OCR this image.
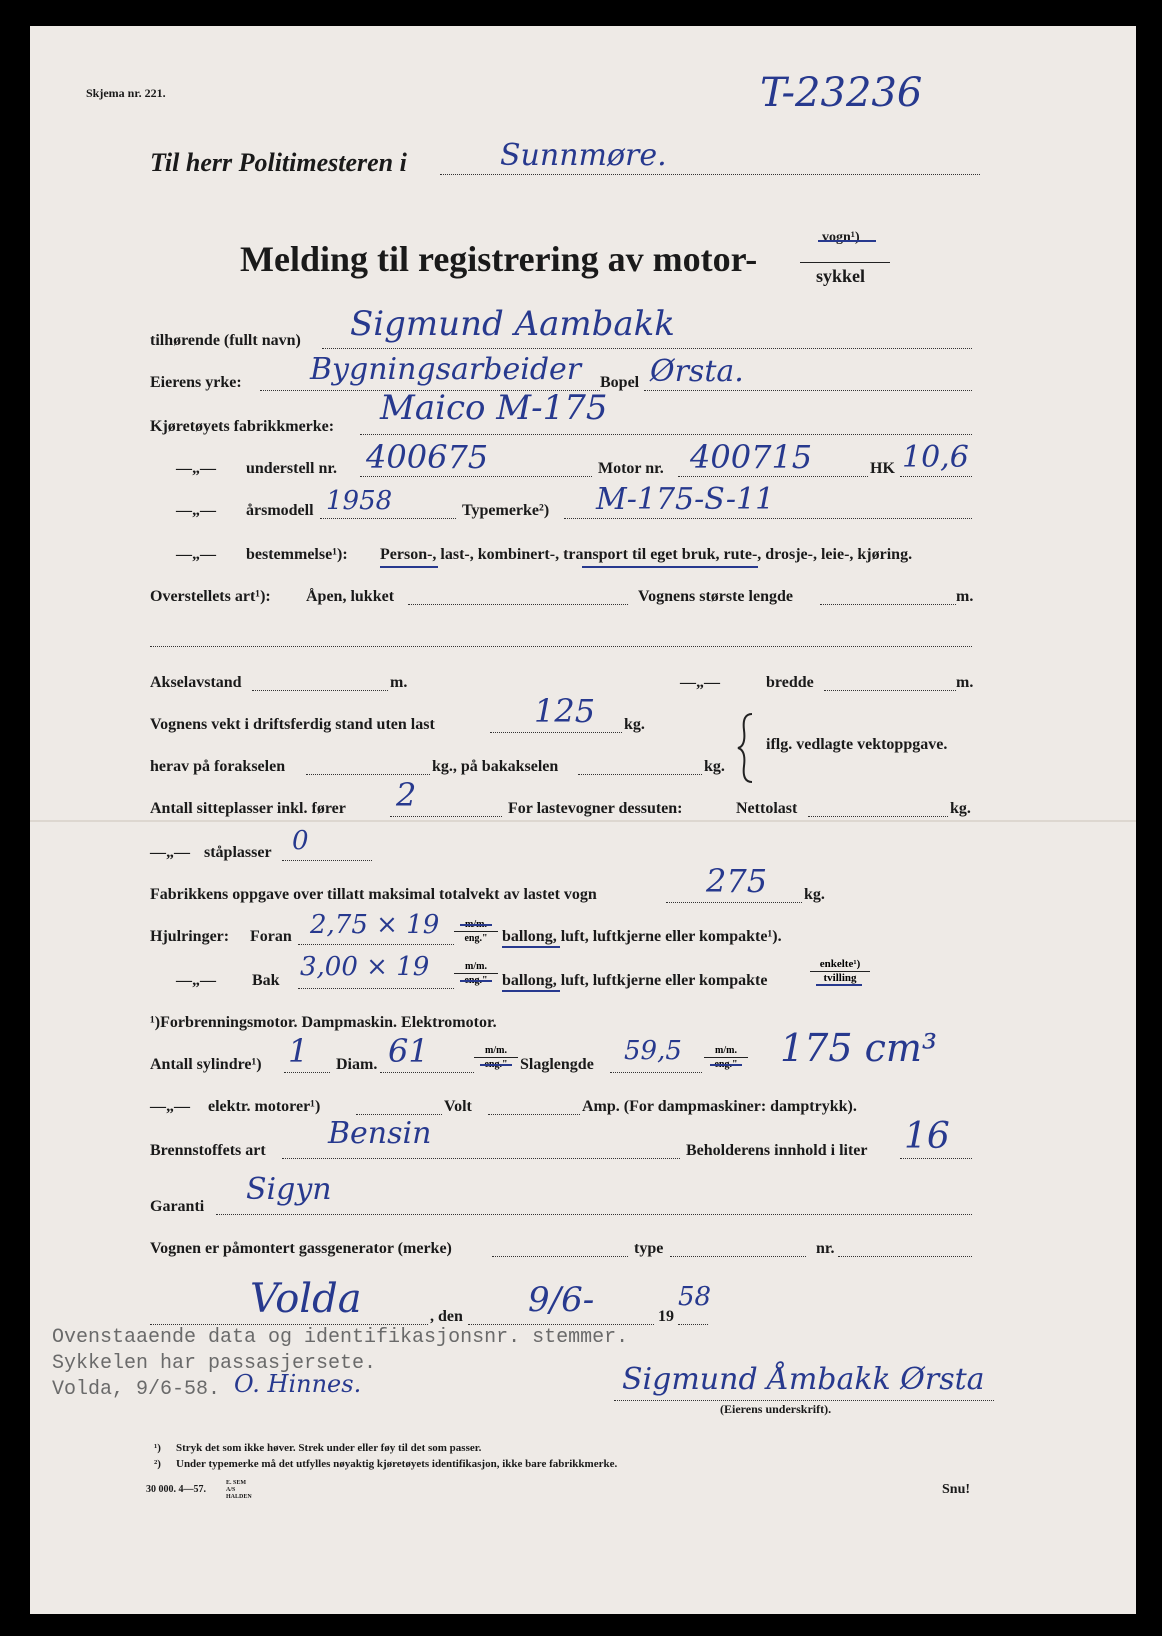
Skjema nr. 221.	T-23236
Til herr Politimesteren i	Sunnmøre.
Melding til registrering av motor-
vogn¹)
sykkel
tilhørende (fullt navn) Sigmund Aambakk
Eierens yrke: Bygningsarbeider Bopel Ørsta.
Kjøretøyets fabrikkmerke: Maico M-175
—„— understell nr. 400675	Motor nr. 400715	HK 10,6
—„— årsmodell 1958	Typemerke²) M-175-S-11
—„— bestemmelse¹): Person-, last-, kombinert-, transport til eget bruk, rute-, drosje-, leie-, kjøring.
Overstellets art¹): Åpen, lukket	Vognens største lengde	m.
Akselavstand	m.	—„—	bredde	m.
Vognens vekt i driftsferdig stand uten last	125 kg.
herav på forakselen	kg., på bakakselen	kg.
iflg. vedlagte vektoppgave.
Antall sitteplasser inkl. fører 2	For lastevogner dessuten:	Nettolast	kg.
—„— ståplasser 0
Fabrikkens oppgave over tillatt maksimal totalvekt av lastet vogn	275 kg.
Hjulringer: Foran 2,75 × 19	m/m.
eng." ballong, luft, luftkjerne eller kompakte¹).
—„— Bak 3,00 × 19	m/m.
eng." ballong, luft, luftkjerne eller kompakte
enkelte¹)
tvilling
¹)Forbrenningsmotor. Dampmaskin. Elektromotor.
Antall sylindre¹) 1 Diam. 61	m/m.
eng." Slaglengde 59,5	m/m.
eng." 175 cm³
—„— elektr. motorer¹)	Volt	Amp. (For dampmaskiner: damptrykk).
Brennstoffets art Bensin	Beholderens innhold i liter 16
Garanti Sigyn
Vognen er påmontert gassgenerator (merke)	type	nr.
Volda	, den 9/6-	19
58
Ovenstaaende data og identifikasjonsnr. stemmer.
Sykkelen har passasjersete.
Volda, 9/6-58. O. Hinnes.	Sigmund Åmbakk Ørsta
(Eierens underskrift).
¹) Stryk det som ikke høver. Strek under eller føy til det som passer.
²) Under typemerke må det utfylles nøyaktig kjøretøyets identifikasjon, ikke bare fabrikkmerke.
30 000. 4—57.
E. SEM A/S HALDEN	Snu!
